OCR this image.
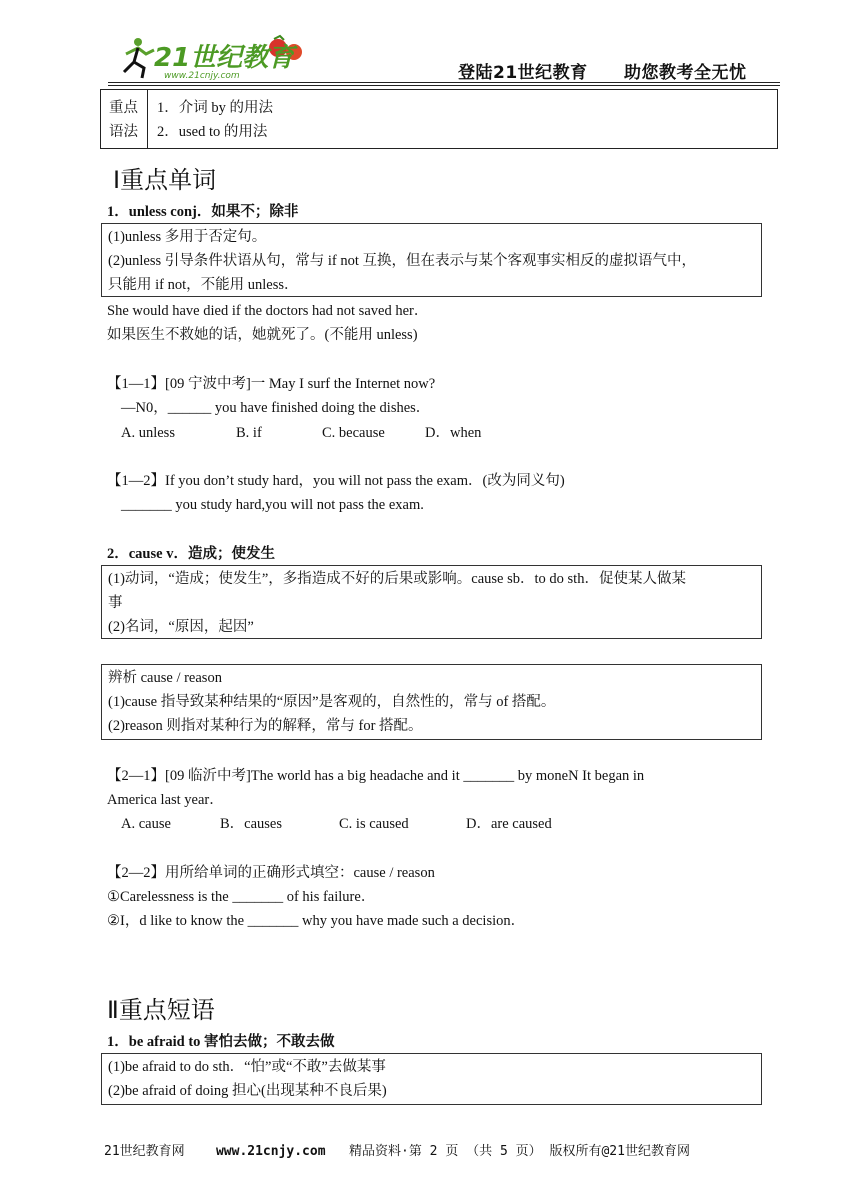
21世纪教育
www.21cnjy.com	登陆21世纪教育 助您教考全无忧
重点
语法
1．介词 by 的用法
2．used to 的用法
Ⅰ重点单词
1．unless conj．如果不；除非
(1)unless 多用于否定句。
(2)unless 引导条件状语从句，常与 if not 互换，但在表示与某个客观事实相反的虚拟语气中，
只能用 if not，不能用 unless．
She would have died if the doctors had not saved her．
如果医生不救她的话，她就死了。(不能用 unless)
【1—1】[09 宁波中考]一 May I surf the Internet now?
—N0，______ you have finished doing the dishes．
A. unless	B. if	C. because	D．when
【1—2】If you don’t study hard，you will not pass the exam．(改为同义句)
_______ you study hard,you will not pass the exam.
2．cause v．造成；使发生
(1)动词，“造成；使发生”，多指造成不好的后果或影响。cause sb．to do sth．促使某人做某
事
(2)名词，“原因，起因”
辨析 cause / reason
(1)cause 指导致某种结果的“原因”是客观的，自然性的，常与 of 搭配。
(2)reason 则指对某种行为的解释，常与 for 搭配。
【2—1】[09 临沂中考]The world has a big headache and it _______ by moneN It began in
America last year．
A. cause	B．causes	C. is caused	D．are caused
【2—2】用所给单词的正确形式填空：cause / reason
①Carelessness is the _______ of his failure．
②I，d like to know the _______ why you have made such a decision．
Ⅱ重点短语
1．be afraid to 害怕去做；不敢去做
(1)be afraid to do sth．“怕”或“不敢”去做某事
(2)be afraid of doing 担心(出现某种不良后果)
21世纪教育网 www.21cnjy.com 精品资料·第 2 页 （共 5 页） 版权所有@21世纪教育网
